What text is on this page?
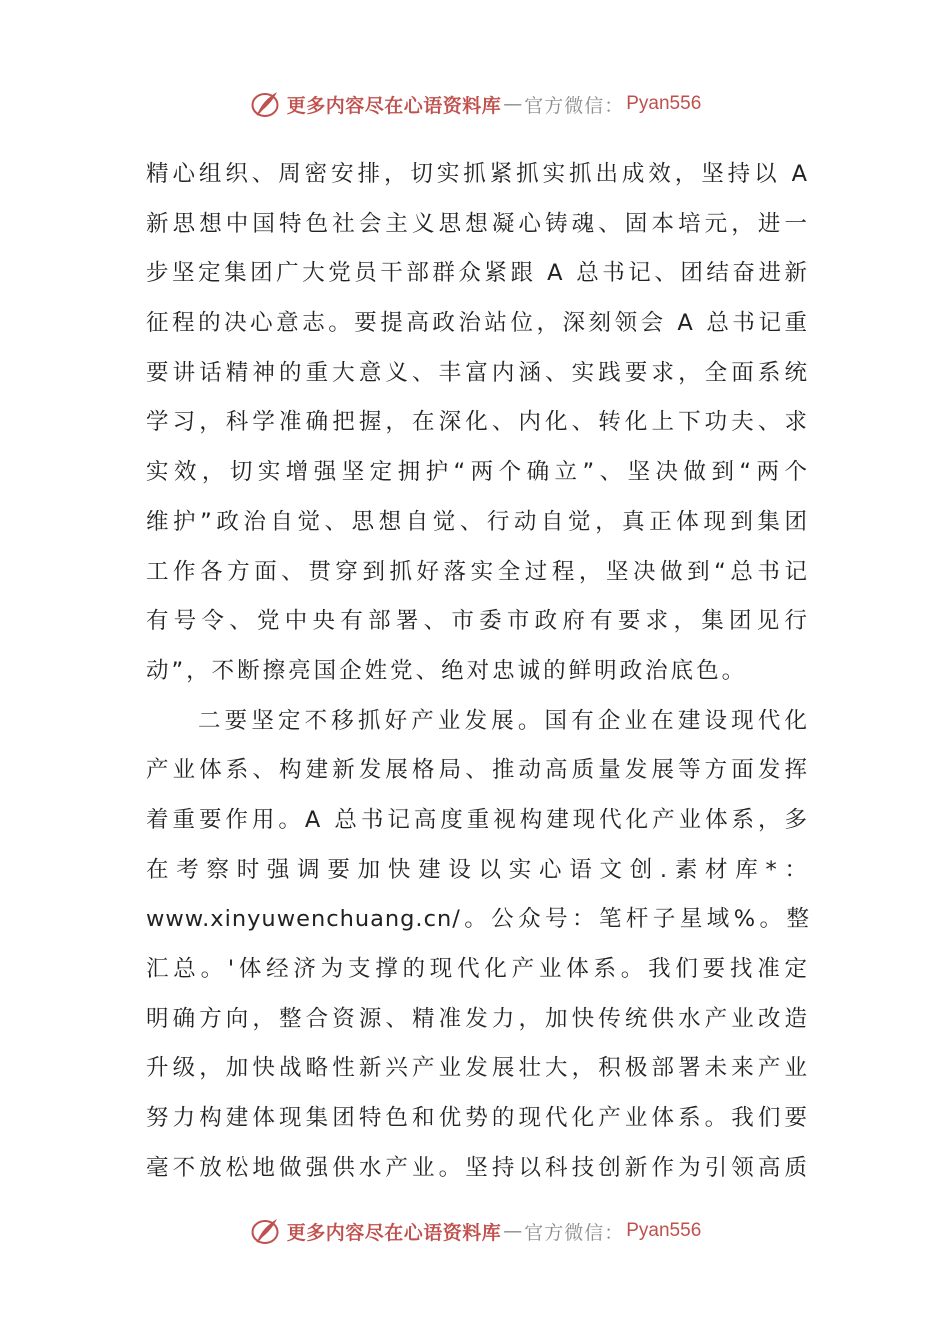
更多内容尽在心语资料库 — 官方微信： Pyan556
精心组织、周密安排，切实抓紧抓实抓出成效，坚持以 A
新思想中国特色社会主义思想凝心铸魂、固本培元，进一
步坚定集团广大党员干部群众紧跟 A 总书记、团结奋进新
征程的决心意志。要提高政治站位，深刻领会 A 总书记重
要讲话精神的重大意义、丰富内涵、实践要求，全面系统
学习，科学准确把握，在深化、内化、转化上下功夫、求
实效，切实增强坚定拥护“两个确立”、坚决做到“两个
维护”政治自觉、思想自觉、行动自觉，真正体现到集团
工作各方面、贯穿到抓好落实全过程，坚决做到“总书记
有号令、党中央有部署、市委市政府有要求，集团见行
动”，不断擦亮国企姓党、绝对忠诚的鲜明政治底色。
二要坚定不移抓好产业发展。国有企业在建设现代化
产业体系、构建新发展格局、推动高质量发展等方面发挥
着重要作用。A 总书记高度重视构建现代化产业体系，多
在考察时强调要加快建设以实心语文创.素材库*：
www.xinyuwenchuang.cn/。公众号：笔杆子星域%。整
汇总。'体经济为支撑的现代化产业体系。我们要找准定
明确方向，整合资源、精准发力，加快传统供水产业改造
升级，加快战略性新兴产业发展壮大，积极部署未来产业
努力构建体现集团特色和优势的现代化产业体系。我们要
毫不放松地做强供水产业。坚持以科技创新作为引领高质
更多内容尽在心语资料库 — 官方微信： Pyan556
